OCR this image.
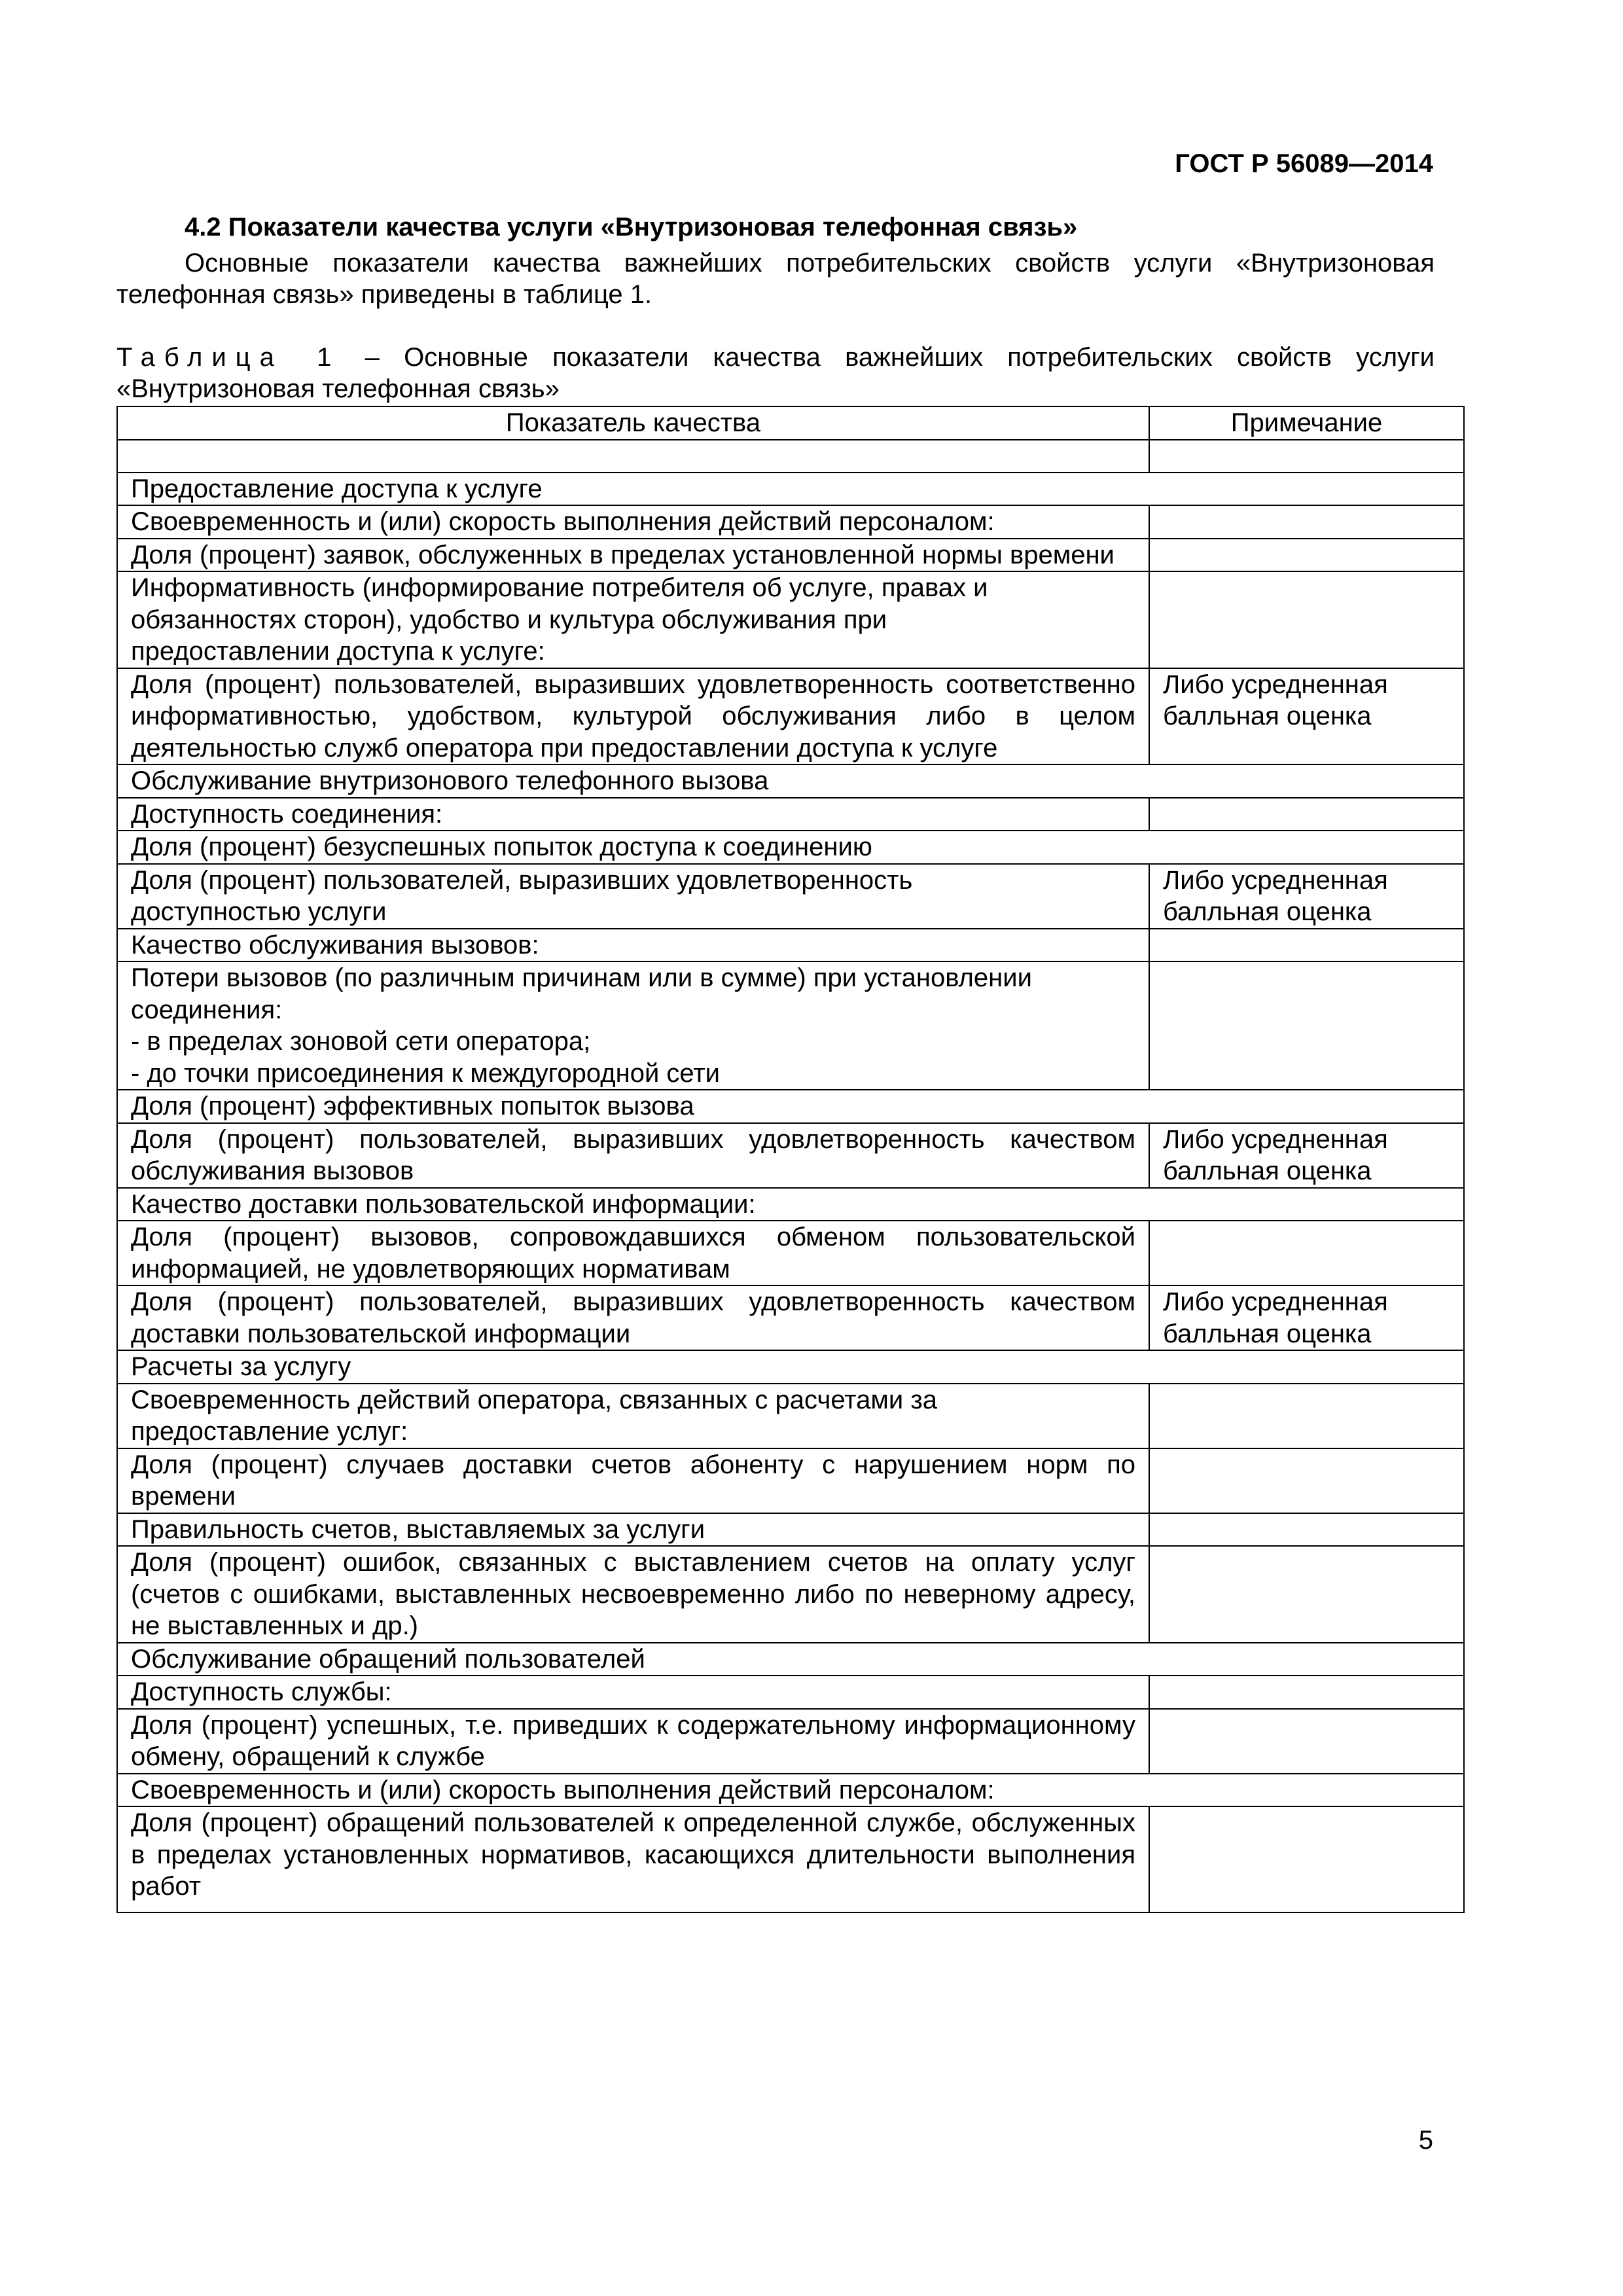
ГОСТ Р 56089—2014
4.2 Показатели качества услуги «Внутризоновая телефонная связь»

Основные показатели качества важнейших потребительских свойств услуги «Внутризоновая телефонная связь» приведены в таблице 1.

Таблица 1 – Основные показатели качества важнейших потребительских свойств услуги «Внутризоновая телефонная связь»

Показатель качества	Примечание

Предоставление доступа к услуге	
Своевременность и (или) скорость выполнения действий персоналом:	
Доля (процент) заявок, обслуженных в пределах установленной нормы времени	

Информативность (информирование потребителя об услуге, правах и
обязанностях сторон), удобство и культура обслуживания при
предоставлении доступа к услуге:	

Доля (процент) пользователей, выразивших удовлетворенность соответственно информативностью, удобством, культурой обслуживания либо в целом деятельностью служб оператора при предоставлении доступа к услуге	Либо усредненная балльная оценка
Обслуживание внутризонового телефонного вызова	
Доступность соединения:	
Доля (процент) безуспешных попыток доступа к соединению	

Доля (процент) пользователей, выразивших удовлетворенность
доступностью услуги	Либо усредненная балльная оценка
Качество обслуживания вызовов:	

Потери вызовов (по различным причинам или в сумме) при установлении
соединения:
- в пределах зоновой сети оператора;
- до точки присоединения к междугородной сети	

Доля (процент) эффективных попыток вызова	
Доля (процент) пользователей, выразивших удовлетворенность качеством обслуживания вызовов	Либо усредненная балльная оценка
Качество доставки пользовательской информации:	
Доля (процент) вызовов, сопровождавшихся обменом пользовательской информацией, не удовлетворяющих нормативам	
Доля (процент) пользователей, выразивших удовлетворенность качеством доставки пользовательской информации	Либо усредненная балльная оценка
Расчеты за услугу	

Своевременность действий оператора, связанных с расчетами за
предоставление услуг:	

Доля (процент) случаев доставки счетов абоненту с нарушением норм по времени	
Правильность счетов, выставляемых за услуги	
Доля (процент) ошибок, связанных с выставлением счетов на оплату услуг (счетов с ошибками, выставленных несвоевременно либо по неверному адресу, не выставленных и др.)	
Обслуживание обращений пользователей	
Доступность службы:	
Доля (процент) успешных, т.е. приведших к содержательному информационному обмену, обращений к службе	
Своевременность и (или) скорость выполнения действий персоналом:	
Доля (процент) обращений пользователей к определенной службе, обслуженных в пределах установленных нормативов, касающихся длительности выполнения работ	
5
